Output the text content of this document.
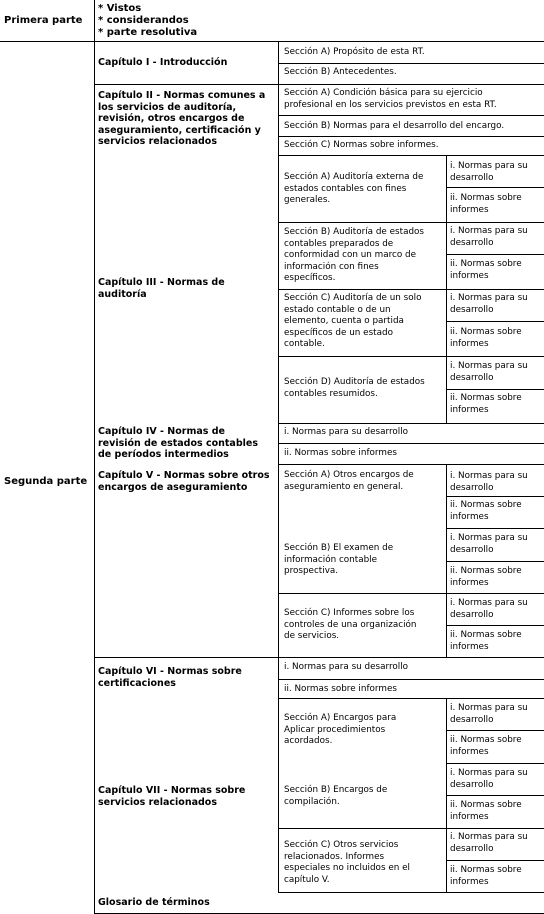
Primera parte
* Vistos
* considerandos
* parte resolutiva
Segunda parte
Capítulo I - Introducción
Capítulo II - Normas comunes a
los servicios de auditoría,
revisión, otros encargos de
aseguramiento, certificación y
servicios relacionados
Capítulo III - Normas de
auditoría
Capítulo IV - Normas de
revisión de estados contables
de períodos intermedios
Capítulo V - Normas sobre otros
encargos de aseguramiento
Capítulo VI - Normas sobre
certificaciones
Capítulo VII - Normas sobre
servicios relacionados
Glosario de términos
Sección A) Propósito de esta RT.
Sección B) Antecedentes.
Sección A) Condición básica para su ejercicio
profesional en los servicios previstos en esta RT.
Sección B) Normas para el desarrollo del encargo.
Sección C) Normas sobre informes.
Sección A) Auditoría externa de
estados contables con fines
generales.
Sección B) Auditoría de estados
contables preparados de
conformidad con un marco de
información con fines
específicos.
Sección C) Auditoría de un solo
estado contable o de un
elemento, cuenta o partida
específicos de un estado
contable.
Sección D) Auditoría de estados
contables resumidos.
i. Normas para su
desarrollo
ii. Normas sobre
informes
i. Normas para su
desarrollo
ii. Normas sobre
informes
i. Normas para su
desarrollo
ii. Normas sobre
informes
i. Normas para su
desarrollo
ii. Normas sobre
informes
i. Normas para su desarrollo
ii. Normas sobre informes
Sección A) Otros encargos de
aseguramiento en general.
Sección B) El examen de
información contable
prospectiva.
Sección C) Informes sobre los
controles de una organización
de servicios.
i. Normas para su
desarrollo
ii. Normas sobre
informes
i. Normas para su
desarrollo
ii. Normas sobre
informes
i. Normas para su
desarrollo
ii. Normas sobre
informes
i. Normas para su desarrollo
ii. Normas sobre informes
Sección A) Encargos para
Aplicar procedimientos
acordados.
Sección B) Encargos de
compilación.
Sección C) Otros servicios
relacionados. Informes
especiales no incluidos en el
capítulo V.
i. Normas para su
desarrollo
ii. Normas sobre
informes
i. Normas para su
desarrollo
ii. Normas sobre
informes
i. Normas para su
desarrollo
ii. Normas sobre
informes
